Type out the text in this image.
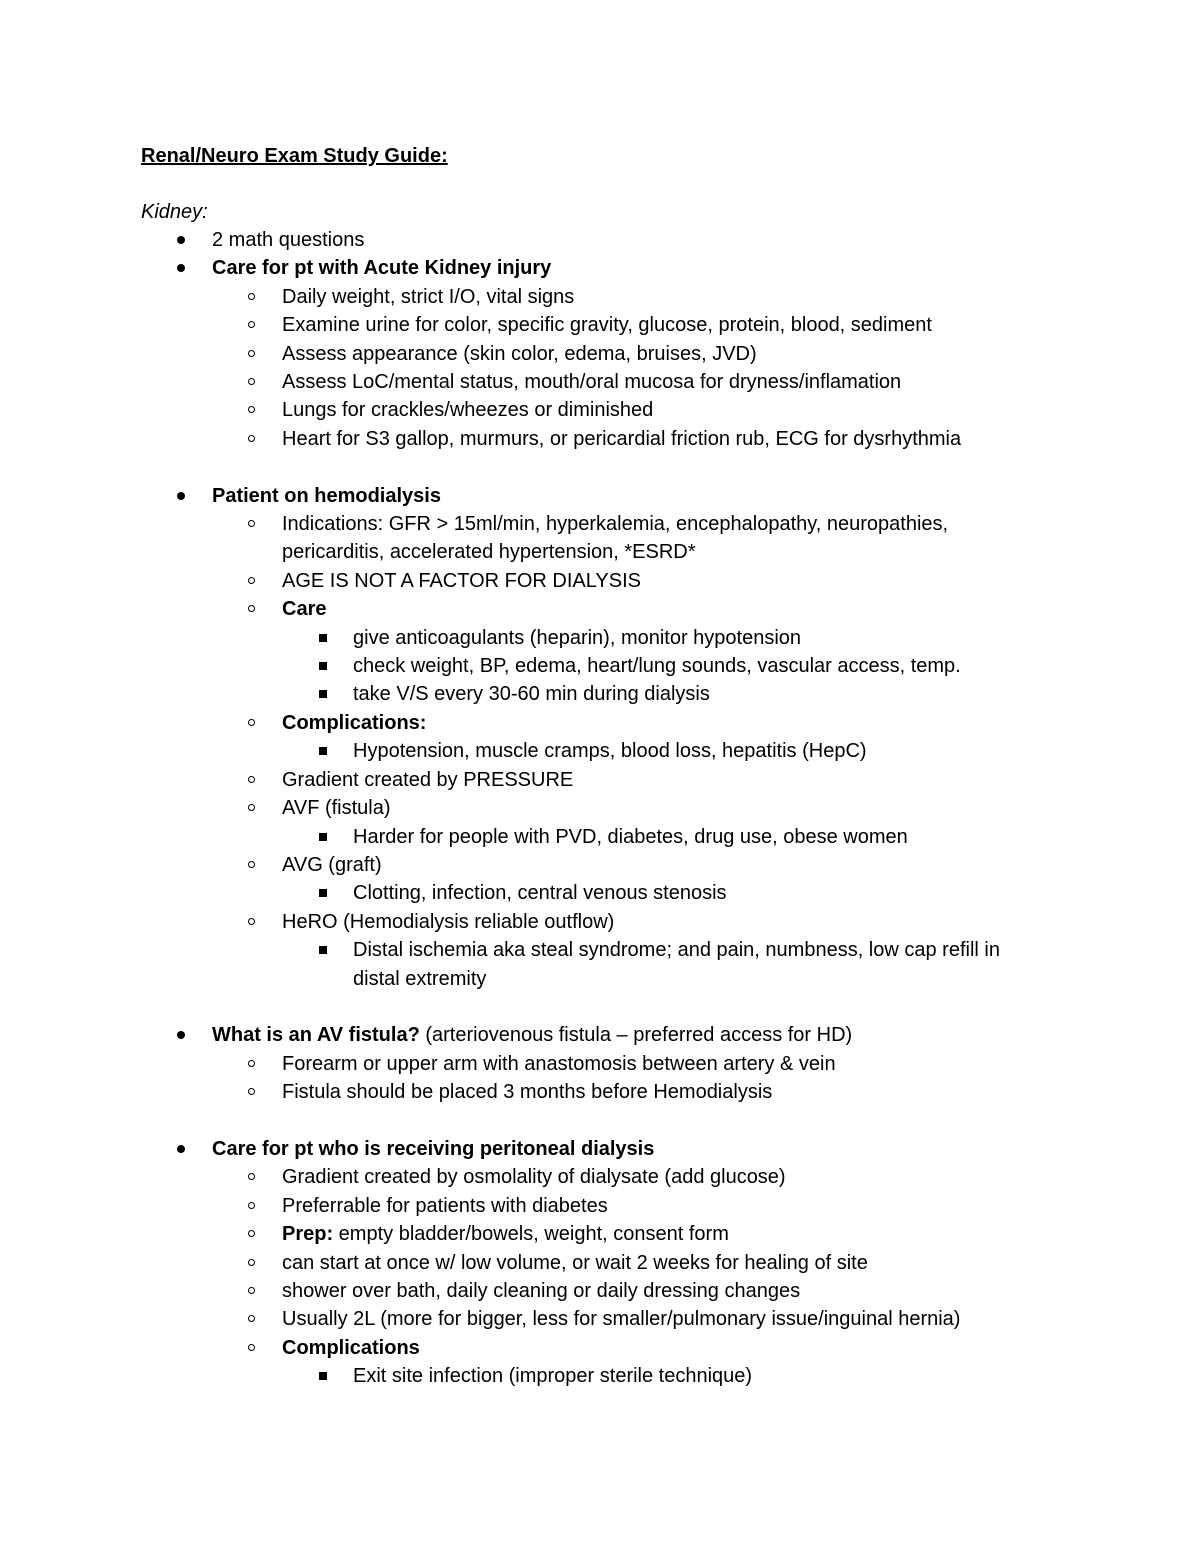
Renal/Neuro Exam Study Guide:

Kidney:

2 math questions
Care for pt with Acute Kidney injury
Daily weight, strict I/O, vital signs
Examine urine for color, specific gravity, glucose, protein, blood, sediment
Assess appearance (skin color, edema, bruises, JVD)
Assess LoC/mental status, mouth/oral mucosa for dryness/inflamation
Lungs for crackles/wheezes or diminished
Heart for S3 gallop, murmurs, or pericardial friction rub, ECG for dysrhythmia
Patient on hemodialysis
Indications: GFR > 15ml/min, hyperkalemia, encephalopathy, neuropathies,
pericarditis, accelerated hypertension, *ESRD*
AGE IS NOT A FACTOR FOR DIALYSIS
Care
give anticoagulants (heparin), monitor hypotension
check weight, BP, edema, heart/lung sounds, vascular access, temp.
take V/S every 30-60 min during dialysis
Complications:
Hypotension, muscle cramps, blood loss, hepatitis (HepC)
Gradient created by PRESSURE
AVF (fistula)
Harder for people with PVD, diabetes, drug use, obese women
AVG (graft)
Clotting, infection, central venous stenosis
HeRO (Hemodialysis reliable outflow)
Distal ischemia aka steal syndrome; and pain, numbness, low cap refill in
distal extremity
What is an AV fistula? (arteriovenous fistula – preferred access for HD)
Forearm or upper arm with anastomosis between artery & vein
Fistula should be placed 3 months before Hemodialysis
Care for pt who is receiving peritoneal dialysis
Gradient created by osmolality of dialysate (add glucose)
Preferrable for patients with diabetes
Prep: empty bladder/bowels, weight, consent form
can start at once w/ low volume, or wait 2 weeks for healing of site
shower over bath, daily cleaning or daily dressing changes
Usually 2L (more for bigger, less for smaller/pulmonary issue/inguinal hernia)
Complications
Exit site infection (improper sterile technique)
